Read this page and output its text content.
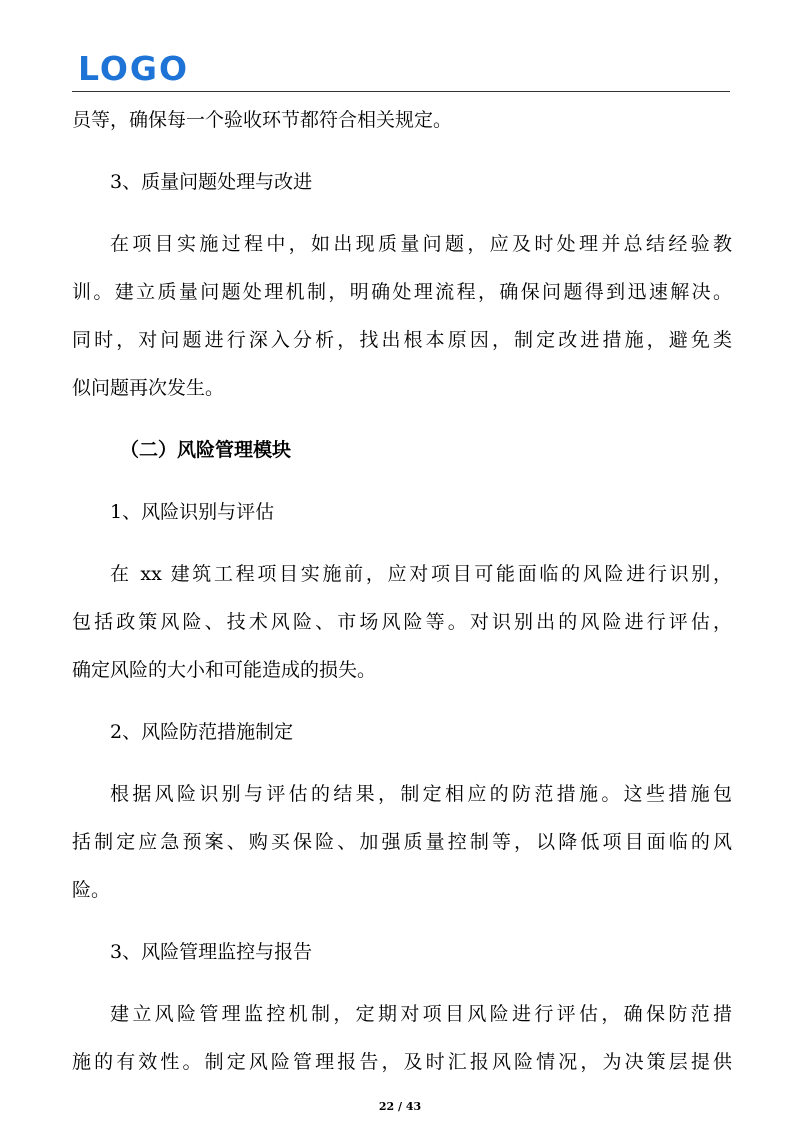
LOGO
员等，确保每一个验收环节都符合相关规定。
3、质量问题处理与改进
在项目实施过程中，如出现质量问题，应及时处理并总结经验教
训。建立质量问题处理机制，明确处理流程，确保问题得到迅速解决。
同时，对问题进行深入分析，找出根本原因，制定改进措施，避免类
似问题再次发生。
（二）风险管理模块
1、风险识别与评估
在 xx 建筑工程项目实施前，应对项目可能面临的风险进行识别，
包括政策风险、技术风险、市场风险等。对识别出的风险进行评估，
确定风险的大小和可能造成的损失。
2、风险防范措施制定
根据风险识别与评估的结果，制定相应的防范措施。这些措施包
括制定应急预案、购买保险、加强质量控制等，以降低项目面临的风
险。
3、风险管理监控与报告
建立风险管理监控机制，定期对项目风险进行评估，确保防范措
施的有效性。制定风险管理报告，及时汇报风险情况，为决策层提供
22 / 43
